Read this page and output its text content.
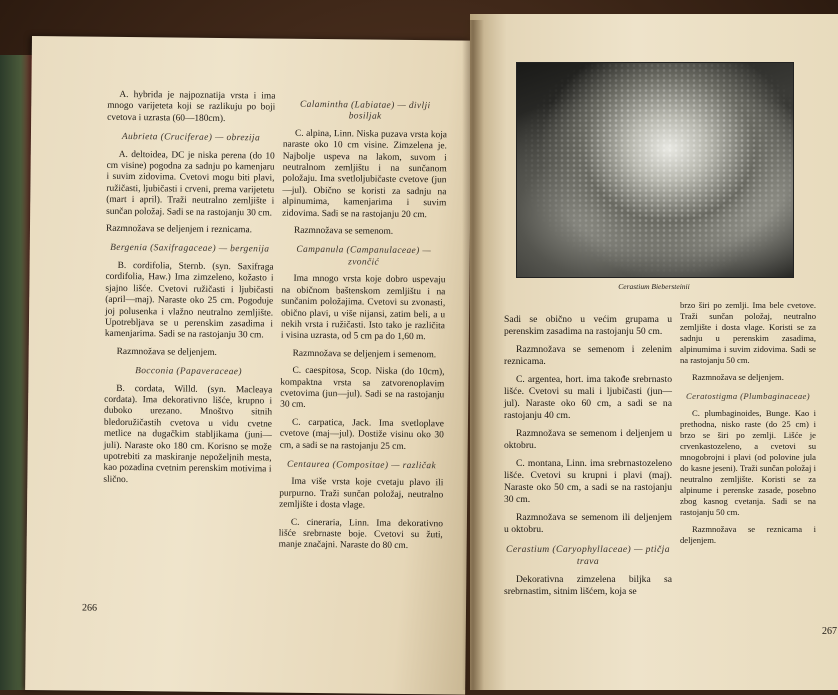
A. hybrida je najpoznatija vrsta i ima mnogo varijeteta koji se razlikuju po boji cvetova i uzrasta (60—180cm).

Aubrieta (Cruciferae) — obrezija

A. deltoidea, DC je niska perena (do 10 cm visine) pogodna za sadnju po kamenjaru i suvim zidovima. Cvetovi mogu biti plavi, ružičasti, ljubičasti i crveni, prema varijetetu (mart i april). Traži neutralno zemljište i sunčan položaj. Sadi se na rastojanju 30 cm.

Razmnožava se deljenjem i reznicama.

Bergenia (Saxifragaceae) — bergenija

B. cordifolia, Sternb. (syn. Saxifraga cordifolia, Haw.) Ima zimzeleno, kožasto i sjajno lišće. Cvetovi ružičasti i ljubičasti (april—maj). Naraste oko 25 cm. Pogoduje joj polusenka i vlažno neutralno zemljište. Upotrebljava se u perenskim zasadima i kamenjarima. Sadi se na rastojanju 30 cm.

Razmnožava se deljenjem.

Bocconia (Papaveraceae)

B. cordata, Willd. (syn. Macleaya cordata). Ima dekorativno lišće, krupno i duboko urezano. Mnoštvo sitnih bledoružičastih cvetova u vidu cvetne metlice na dugačkim stabljikama (juni—juli). Naraste oko 180 cm. Korisno se može upotrebiti za maskiranje nepoželjnih mesta, kao pozadina cvetnim perenskim motivima i slično.

Calamintha (Labiatae) — divlji bosiljak

C. alpina, Linn. Niska puzava vrsta koja naraste oko 10 cm visine. Zimzelena je. Najbolje uspeva na lakom, suvom i neutralnom zemljištu i na sunčanom položaju. Ima svetloljubičaste cvetove (jun—jul). Obično se koristi za sadnju na alpinumima, kamenjarima i suvim zidovima. Sadi se na rastojanju 20 cm.

Razmnožava se semenom.

Campanula (Campanulaceae) — zvončić

Ima mnogo vrsta koje dobro uspevaju na običnom baštenskom zemljištu i na sunčanim položajima. Cvetovi su zvonasti, obično plavi, u više nijansi, zatim beli, a u nekih vrsta i ružičasti. Isto tako je različita i visina uzrasta, od 5 cm pa do 1,60 m.

Razmnožava se deljenjem i semenom.

C. caespitosa, Scop. Niska (do 10cm), kompaktna vrsta sa zatvorenoplavim cvetovima (jun—jul). Sadi se na rastojanju 30 cm.

C. carpatica, Jack. Ima svetloplave cvetove (maj—jul). Dostiže visinu oko 30 cm, a sadi se na rastojanju 25 cm.

Centaurea (Compositae) — različak

Ima više vrsta koje cvetaju plavo ili purpurno. Traži sunčan položaj, neutralno zemljište i dosta vlage.

C. cineraria, Linn. Ima dekorativno lišće srebrnaste boje. Cvetovi su žuti, manje značajni. Naraste do 80 cm.

266

Sadi se obično u većim grupama u perenskim zasadima na rastojanju 50 cm.

Razmnožava se semenom i zelenim reznicama.

C. argentea, hort. ima takođe srebrnasto lišće. Cvetovi su mali i ljubičasti (jun—jul). Naraste oko 60 cm, a sadi se na rastojanju 40 cm.

Razmnožava se semenom i deljenjem u oktobru.

C. montana, Linn. ima srebrnastozeleno lišće. Cvetovi su krupni i plavi (maj). Naraste oko 50 cm, a sadi se na rastojanju 30 cm.

Razmnožava se semenom ili deljenjem u oktobru.

Cerastium (Caryophyllaceae) — ptičja trava

Dekorativna zimzelena biljka sa srebrnastim, sitnim lišćem, koja se

brzo širi po zemlji. Ima bele cvetove. Traži sunčan položaj, neutralno zemljište i dosta vlage. Koristi se za sadnju u perenskim zasadima, alpinumima i suvim zidovima. Sadi se na rastojanju 50 cm.

Razmnožava se deljenjem.

Ceratostigma (Plumbaginaceae)

C. plumbaginoides, Bunge. Kao i prethodna, nisko raste (do 25 cm) i brzo se širi po zemlji. Lišće je crvenkastozeleno, a cvetovi su mnogobrojni i plavi (od polovine jula do kasne jeseni). Traži sunčan položaj i neutralno zemljište. Koristi se za alpinume i perenske zasade, posebno zbog kasnog cvetanja. Sadi se na rastojanju 50 cm.

Razmnožava se reznicama i deljenjem.

267
Cerastium Biebersteinii
